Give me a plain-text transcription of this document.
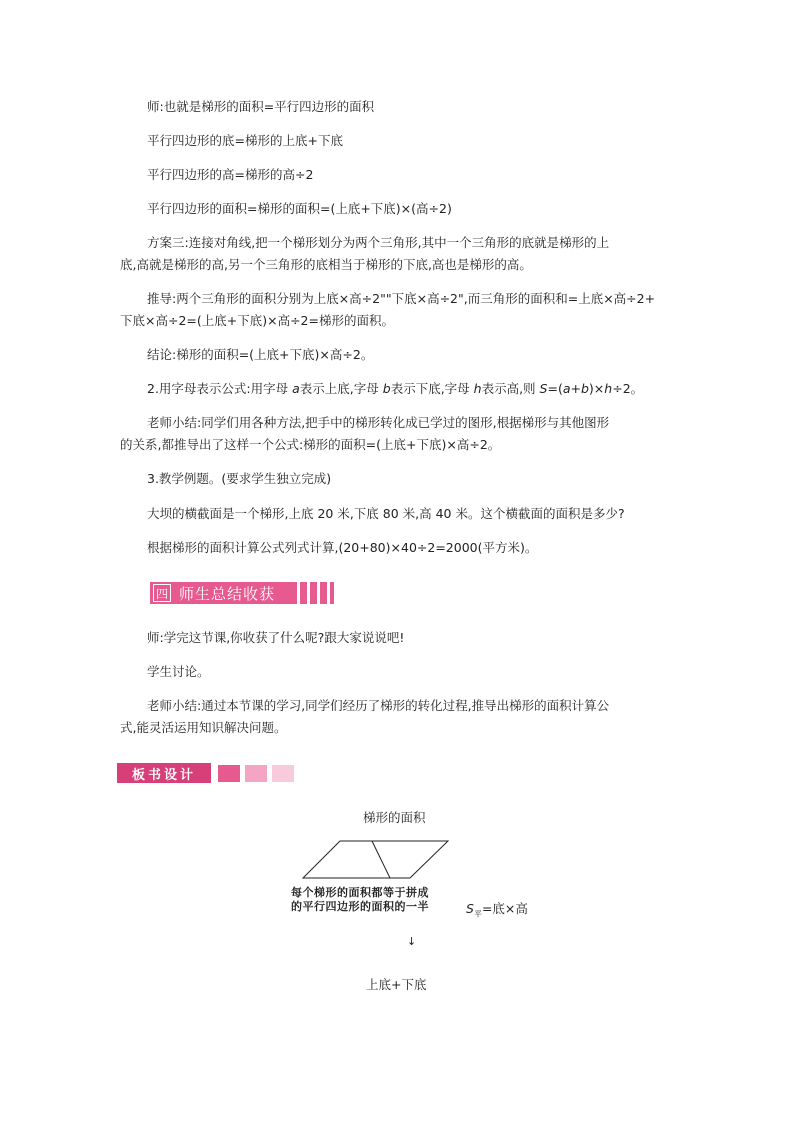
师:也就是梯形的面积=平行四边形的面积
平行四边形的底=梯形的上底+下底
平行四边形的高=梯形的高÷2
平行四边形的面积=梯形的面积=(上底+下底)×(高÷2)
方案三:连接对角线,把一个梯形划分为两个三角形,其中一个三角形的底就是梯形的上
底,高就是梯形的高,另一个三角形的底相当于梯形的下底,高也是梯形的高。
推导:两个三角形的面积分别为上底×高÷2""下底×高÷2",而三角形的面积和=上底×高÷2+
下底×高÷2=(上底+下底)×高÷2=梯形的面积。
结论:梯形的面积=(上底+下底)×高÷2。
2.用字母表示公式:用字母 a表示上底,字母 b表示下底,字母 h表示高,则 S=(a+b)×h÷2。
老师小结:同学们用各种方法,把手中的梯形转化成已学过的图形,根据梯形与其他图形
的关系,都推导出了这样一个公式:梯形的面积=(上底+下底)×高÷2。
3.教学例题。(要求学生独立完成)
大坝的横截面是一个梯形,上底 20 米,下底 80 米,高 40 米。这个横截面的面积是多少?
根据梯形的面积计算公式列式计算,(20+80)×40÷2=2000(平方米)。
四 师生总结收获
师:学完这节课,你收获了什么呢?跟大家说说吧!
学生讨论。
老师小结:通过本节课的学习,同学们经历了梯形的转化过程,推导出梯形的面积计算公
式,能灵活运用知识解决问题。
板书设计
梯形的面积
每个梯形的面积都等于拼成
的平行四边形的面积的一半	$S_平=$底×高
↓
上底+下底
